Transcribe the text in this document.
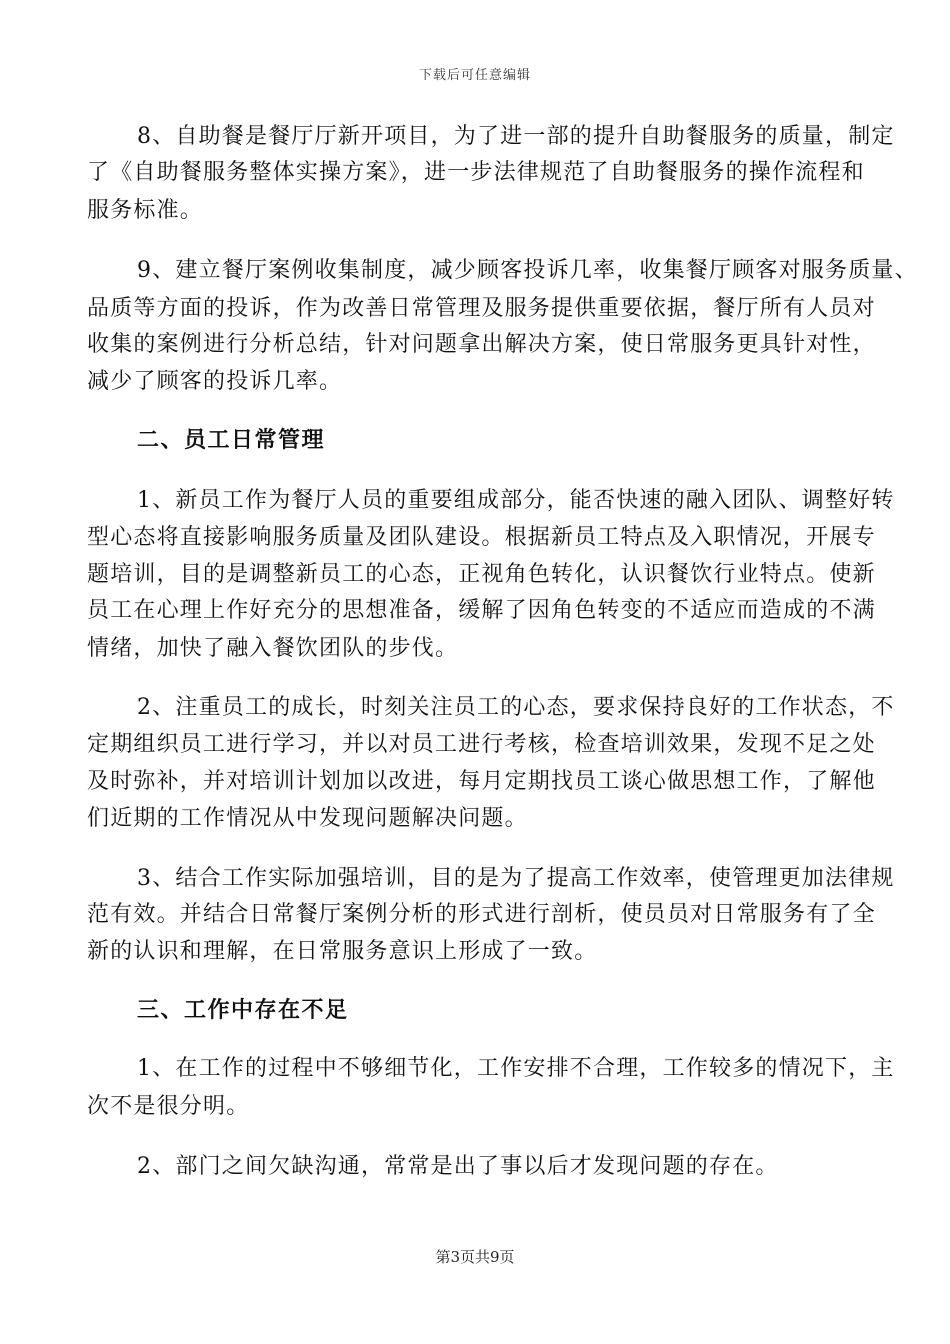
下载后可任意编辑
8、自助餐是餐厅厅新开项目，为了进一部的提升自助餐服务的质量，制定
了《自助餐服务整体实操方案》，进一步法律规范了自助餐服务的操作流程和
服务标准。
9、建立餐厅案例收集制度，减少顾客投诉几率，收集餐厅顾客对服务质量、
品质等方面的投诉，作为改善日常管理及服务提供重要依据，餐厅所有人员对
收集的案例进行分析总结，针对问题拿出解决方案，使日常服务更具针对性，
减少了顾客的投诉几率。
二、员工日常管理
1、新员工作为餐厅人员的重要组成部分，能否快速的融入团队、调整好转
型心态将直接影响服务质量及团队建设。根据新员工特点及入职情况，开展专
题培训，目的是调整新员工的心态，正视角色转化，认识餐饮行业特点。使新
员工在心理上作好充分的思想准备，缓解了因角色转变的不适应而造成的不满
情绪，加快了融入餐饮团队的步伐。
2、注重员工的成长，时刻关注员工的心态，要求保持良好的工作状态，不
定期组织员工进行学习，并以对员工进行考核，检查培训效果，发现不足之处
及时弥补，并对培训计划加以改进，每月定期找员工谈心做思想工作，了解他
们近期的工作情况从中发现问题解决问题。
3、结合工作实际加强培训，目的是为了提高工作效率，使管理更加法律规
范有效。并结合日常餐厅案例分析的形式进行剖析，使员员对日常服务有了全
新的认识和理解，在日常服务意识上形成了一致。
三、工作中存在不足
1、在工作的过程中不够细节化，工作安排不合理，工作较多的情况下，主
次不是很分明。
2、部门之间欠缺沟通，常常是出了事以后才发现问题的存在。
第3页共9页
